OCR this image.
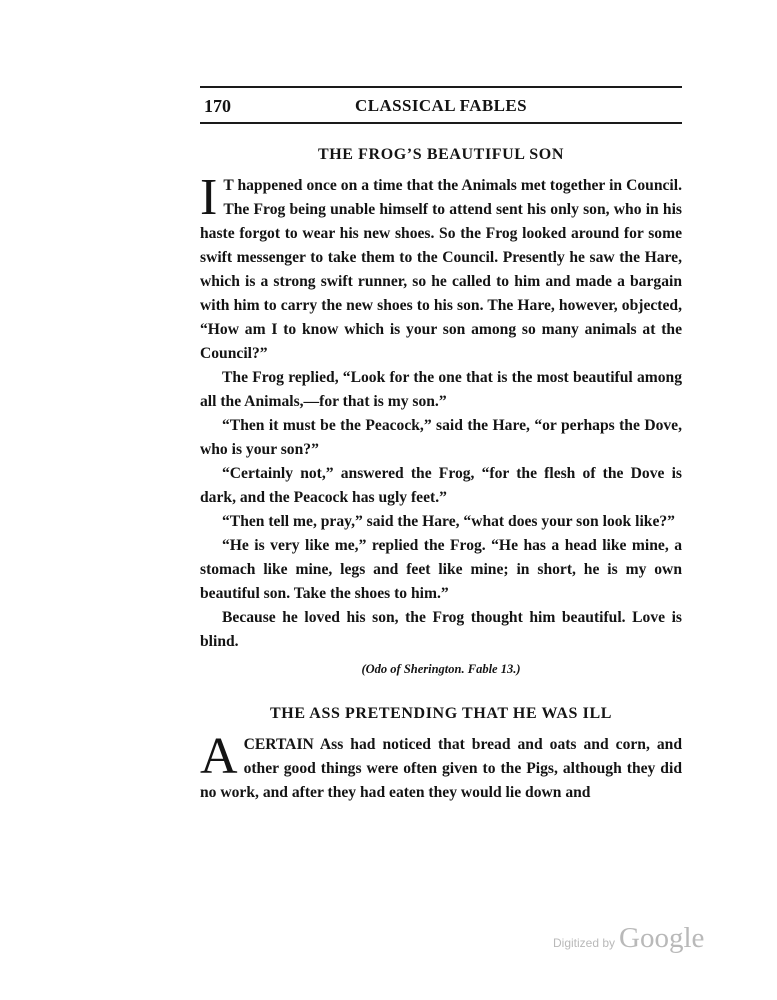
170	CLASSICAL FABLES
THE FROG’S BEAUTIFUL SON

I T happened once on a time that the Animals met together in Council. The Frog being unable himself to attend sent his only son, who in his haste forgot to wear his new shoes. So the Frog looked around for some swift messenger to take them to the Council. Presently he saw the Hare, which is a strong swift runner, so he called to him and made a bargain with him to carry the new shoes to his son. The Hare, however, objected, “How am I to know which is your son among so many animals at the Council?”

The Frog replied, “Look for the one that is the most beautiful among all the Animals,—for that is my son.”

“Then it must be the Peacock,” said the Hare, “or perhaps the Dove, who is your son?”

“Certainly not,” answered the Frog, “for the flesh of the Dove is dark, and the Peacock has ugly feet.”

“Then tell me, pray,” said the Hare, “what does your son look like?”

“He is very like me,” replied the Frog. “He has a head like mine, a stomach like mine, legs and feet like mine; in short, he is my own beautiful son. Take the shoes to him.”

Because he loved his son, the Frog thought him beautiful. Love is blind.

(Odo of Sherington. Fable 13.)

THE ASS PRETENDING THAT HE WAS ILL

ACERTAIN Ass had noticed that bread and oats and corn, and other good things were often given to the Pigs, although they did no work, and after they had eaten they would lie down and

Digitized by Google
